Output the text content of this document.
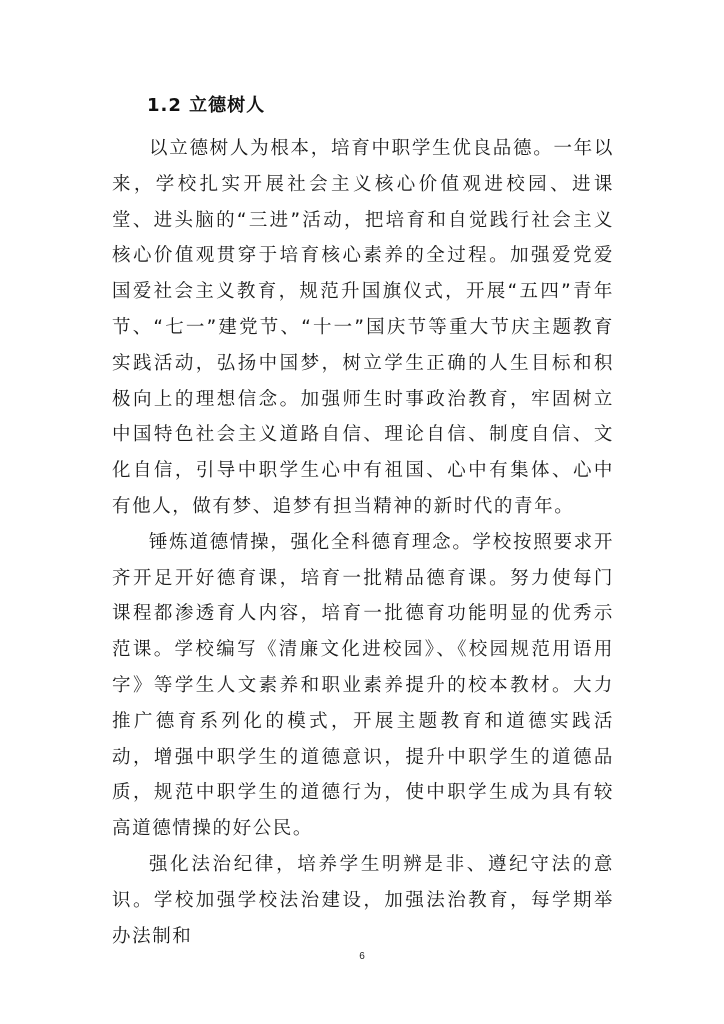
1.2 立德树人

以立德树人为根本，培育中职学生优良品德。一年以来，学校扎实开展社会主义核心价值观进校园、进课堂、进头脑的“三进”活动，把培育和自觉践行社会主义核心价值观贯穿于培育核心素养的全过程。加强爱党爱国爱社会主义教育，规范升国旗仪式，开展“五四”青年节、“七一”建党节、“十一”国庆节等重大节庆主题教育实践活动，弘扬中国梦，树立学生正确的人生目标和积极向上的理想信念。加强师生时事政治教育，牢固树立中国特色社会主义道路自信、理论自信、制度自信、文化自信，引导中职学生心中有祖国、心中有集体、心中有他人，做有梦、追梦有担当精神的新时代的青年。

锤炼道德情操，强化全科德育理念。学校按照要求开齐开足开好德育课，培育一批精品德育课。努力使每门课程都渗透育人内容，培育一批德育功能明显的优秀示范课。学校编写《清廉文化进校园》、《校园规范用语用字》等学生人文素养和职业素养提升的校本教材。大力推广德育系列化的模式，开展主题教育和道德实践活动，增强中职学生的道德意识，提升中职学生的道德品质，规范中职学生的道德行为，使中职学生成为具有较高道德情操的好公民。

强化法治纪律，培养学生明辨是非、遵纪守法的意识。学校加强学校法治建设，加强法治教育，每学期举办法制和

6
